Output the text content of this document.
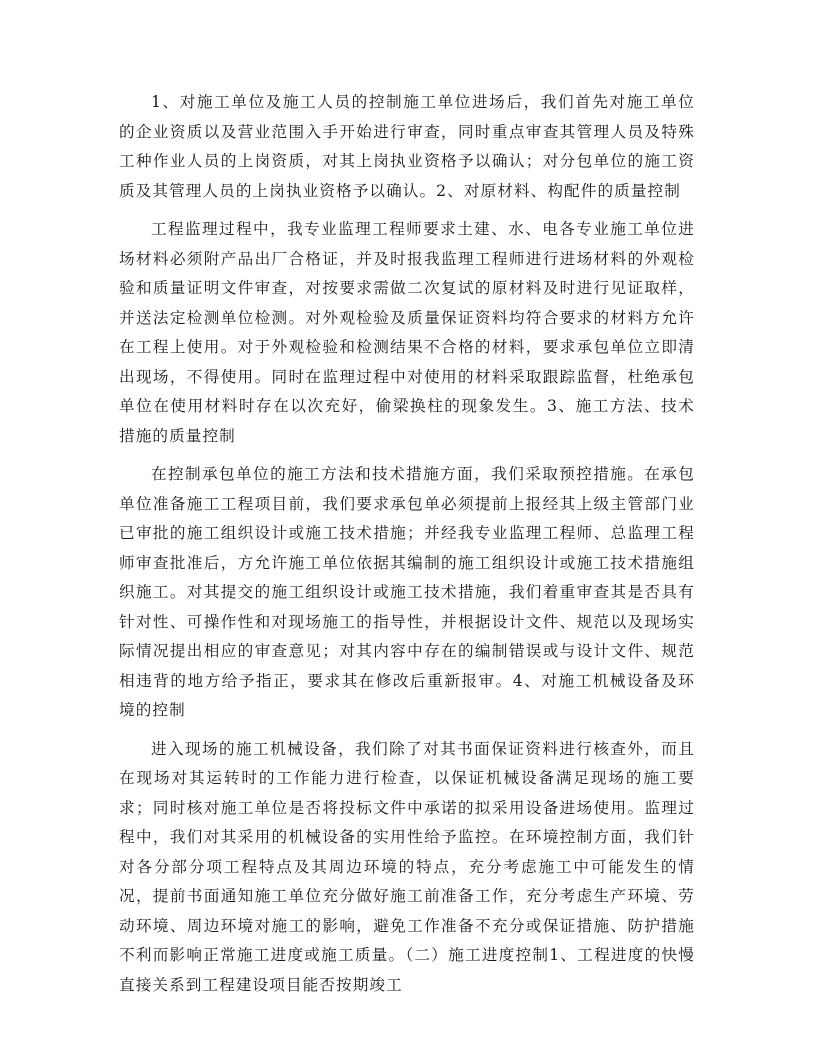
1、对施工单位及施工人员的控制施工单位进场后，我们首先对施工单位的企业资质以及营业范围入手开始进行审查，同时重点审查其管理人员及特殊工种作业人员的上岗资质，对其上岗执业资格予以确认；对分包单位的施工资质及其管理人员的上岗执业资格予以确认。2、对原材料、构配件的质量控制

工程监理过程中，我专业监理工程师要求土建、水、电各专业施工单位进场材料必须附产品出厂合格证，并及时报我监理工程师进行进场材料的外观检验和质量证明文件审查，对按要求需做二次复试的原材料及时进行见证取样，并送法定检测单位检测。对外观检验及质量保证资料均符合要求的材料方允许在工程上使用。对于外观检验和检测结果不合格的材料，要求承包单位立即清出现场，不得使用。同时在监理过程中对使用的材料采取跟踪监督，杜绝承包单位在使用材料时存在以次充好，偷梁换柱的现象发生。3、施工方法、技术措施的质量控制

在控制承包单位的施工方法和技术措施方面，我们采取预控措施。在承包单位准备施工工程项目前，我们要求承包单必须提前上报经其上级主管部门业已审批的施工组织设计或施工技术措施；并经我专业监理工程师、总监理工程师审查批准后，方允许施工单位依据其编制的施工组织设计或施工技术措施组织施工。对其提交的施工组织设计或施工技术措施，我们着重审查其是否具有针对性、可操作性和对现场施工的指导性，并根据设计文件、规范以及现场实际情况提出相应的审查意见；对其内容中存在的编制错误或与设计文件、规范相违背的地方给予指正，要求其在修改后重新报审。4、对施工机械设备及环境的控制

进入现场的施工机械设备，我们除了对其书面保证资料进行核查外，而且在现场对其运转时的工作能力进行检查，以保证机械设备满足现场的施工要求；同时核对施工单位是否将投标文件中承诺的拟采用设备进场使用。监理过程中，我们对其采用的机械设备的实用性给予监控。在环境控制方面，我们针对各分部分项工程特点及其周边环境的特点，充分考虑施工中可能发生的情况，提前书面通知施工单位充分做好施工前准备工作，充分考虑生产环境、劳动环境、周边环境对施工的影响，避免工作准备不充分或保证措施、防护措施不利而影响正常施工进度或施工质量。（二）施工进度控制1、工程进度的快慢直接关系到工程建设项目能否按期竣工
